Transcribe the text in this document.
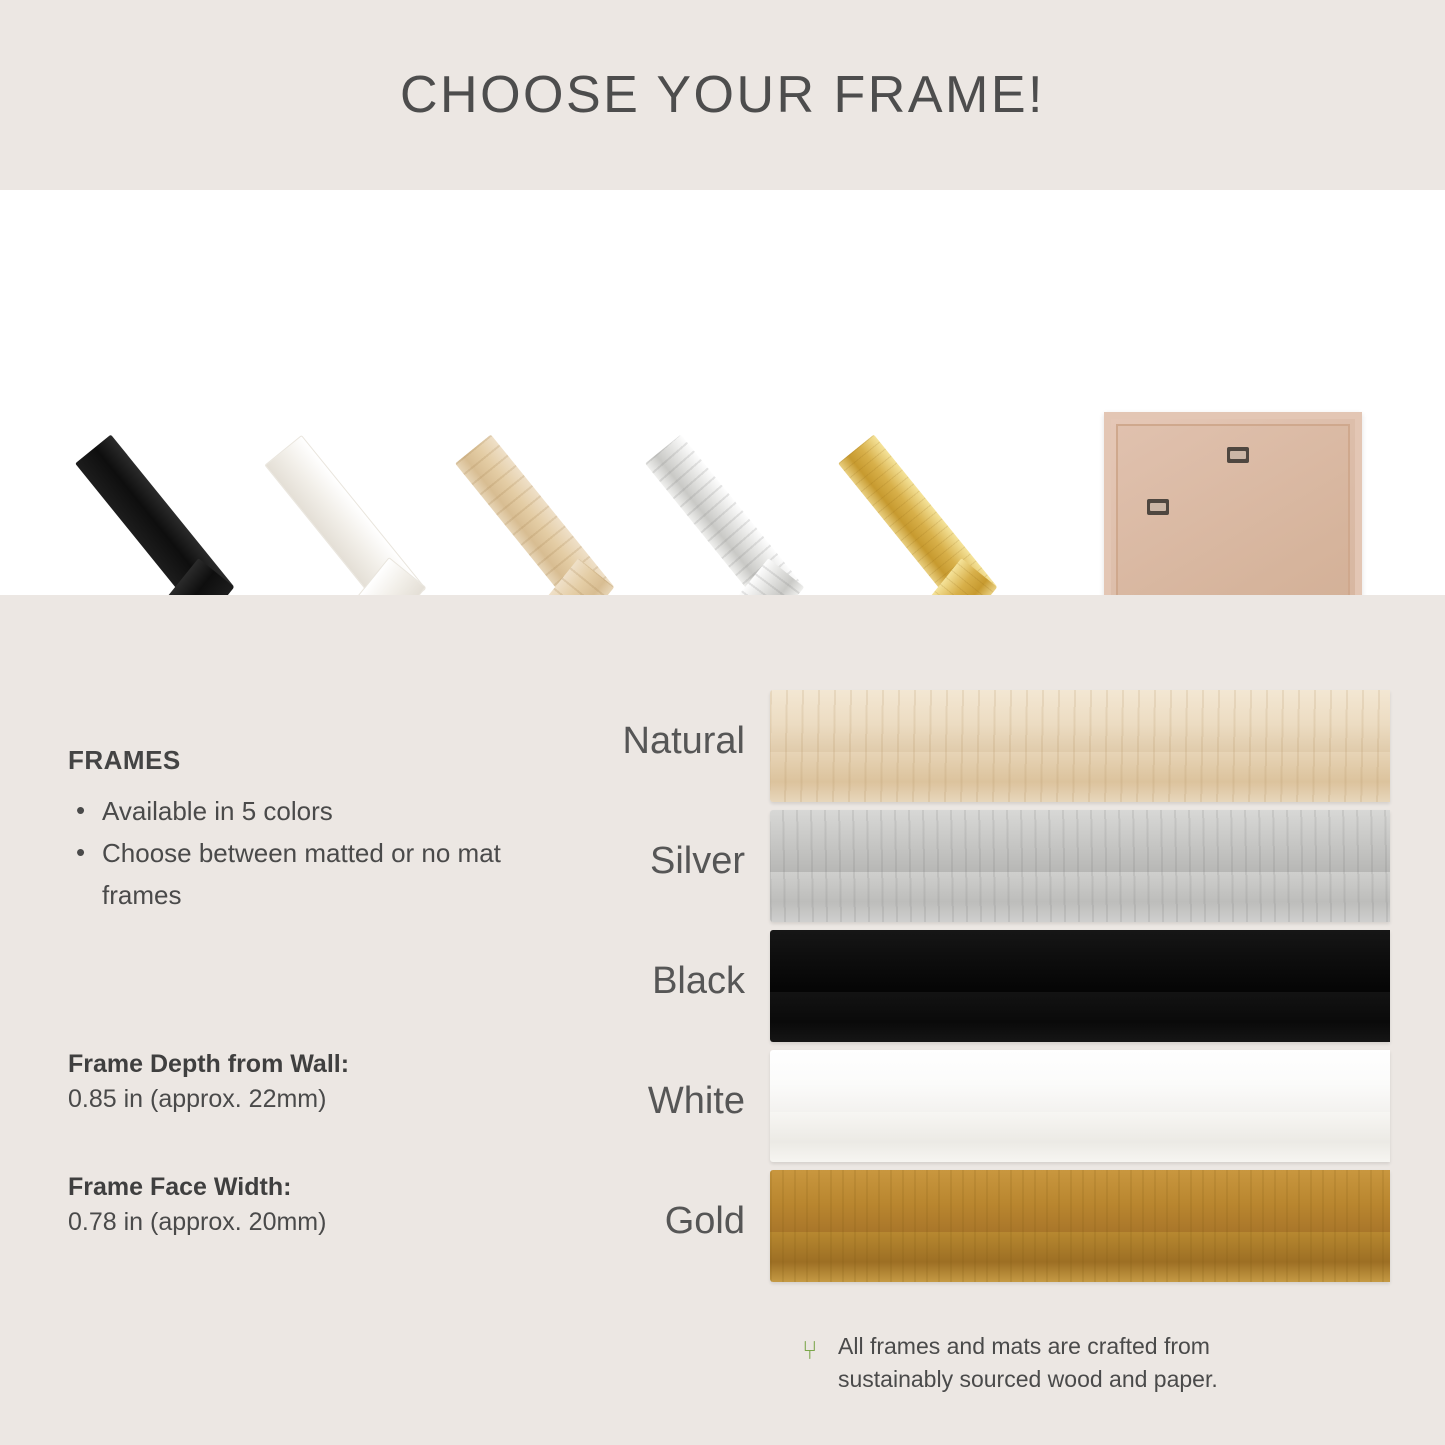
CHOOSE YOUR FRAME!
FRAMES
• Available in 5 colors
• Choose between matted or no mat frames
Frame Depth from Wall:
0.85 in (approx. 22mm)
Frame Face Width:
0.78 in (approx. 20mm)
Natural
Silver
Black
White
Gold
⑂ All frames and mats are crafted from
sustainably sourced wood and paper.
